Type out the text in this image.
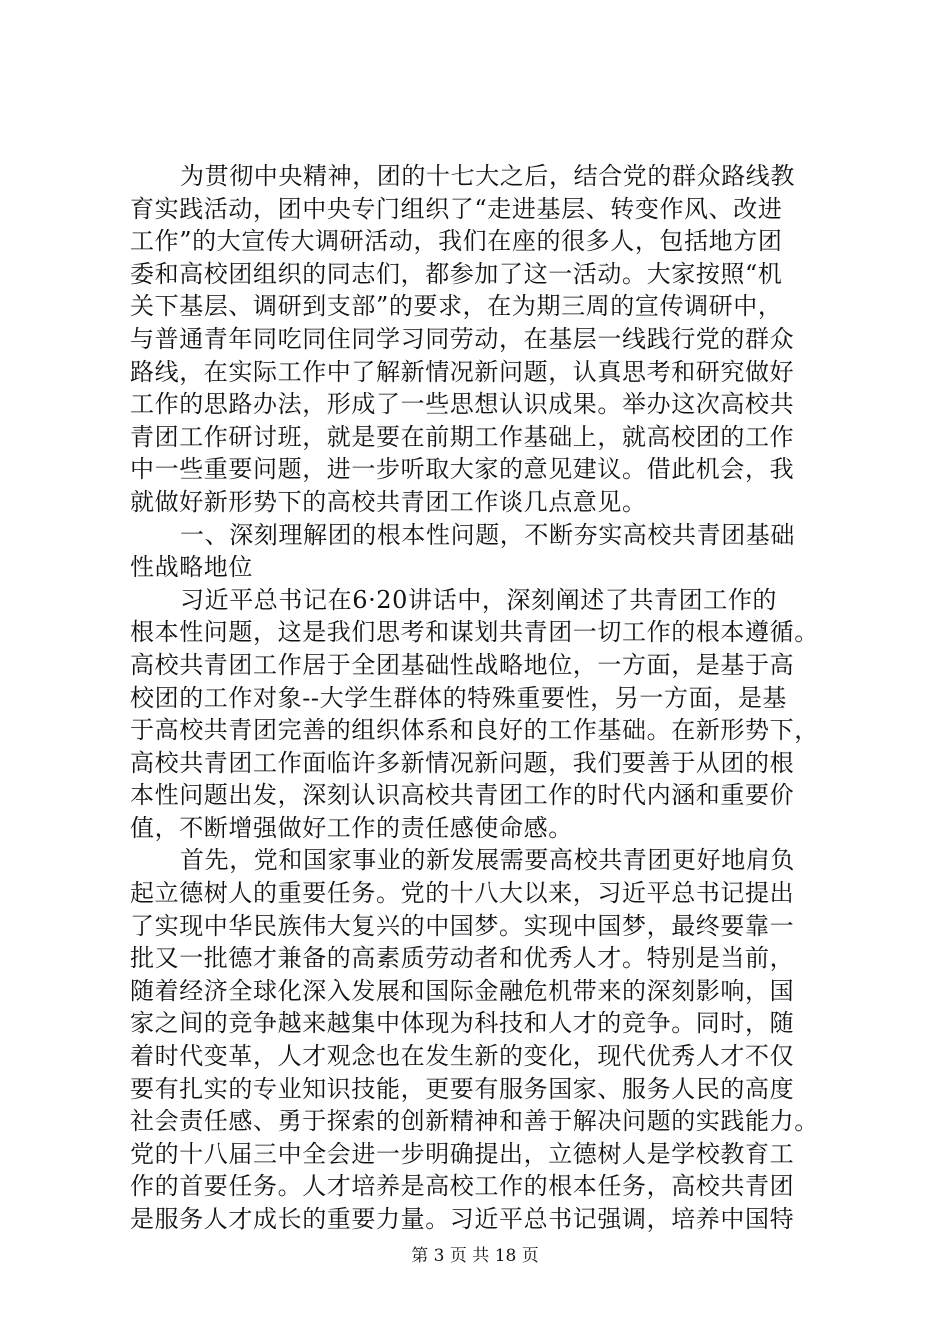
为贯彻中央精神，团的十七大之后，结合党的群众路线教
育实践活动，团中央专门组织了“走进基层、转变作风、改进
工作”的大宣传大调研活动，我们在座的很多人，包括地方团
委和高校团组织的同志们，都参加了这一活动。大家按照“机
关下基层、调研到支部”的要求，在为期三周的宣传调研中，
与普通青年同吃同住同学习同劳动，在基层一线践行党的群众
路线，在实际工作中了解新情况新问题，认真思考和研究做好
工作的思路办法，形成了一些思想认识成果。举办这次高校共
青团工作研讨班，就是要在前期工作基础上，就高校团的工作
中一些重要问题，进一步听取大家的意见建议。借此机会，我
就做好新形势下的高校共青团工作谈几点意见。
一、深刻理解团的根本性问题，不断夯实高校共青团基础
性战略地位
习近平总书记在6·20讲话中，深刻阐述了共青团工作的
根本性问题，这是我们思考和谋划共青团一切工作的根本遵循。
高校共青团工作居于全团基础性战略地位，一方面，是基于高
校团的工作对象--大学生群体的特殊重要性，另一方面，是基
于高校共青团完善的组织体系和良好的工作基础。在新形势下，
高校共青团工作面临许多新情况新问题，我们要善于从团的根
本性问题出发，深刻认识高校共青团工作的时代内涵和重要价
值，不断增强做好工作的责任感使命感。
首先，党和国家事业的新发展需要高校共青团更好地肩负
起立德树人的重要任务。党的十八大以来，习近平总书记提出
了实现中华民族伟大复兴的中国梦。实现中国梦，最终要靠一
批又一批德才兼备的高素质劳动者和优秀人才。特别是当前，
随着经济全球化深入发展和国际金融危机带来的深刻影响，国
家之间的竞争越来越集中体现为科技和人才的竞争。同时，随
着时代变革，人才观念也在发生新的变化，现代优秀人才不仅
要有扎实的专业知识技能，更要有服务国家、服务人民的高度
社会责任感、勇于探索的创新精神和善于解决问题的实践能力。
党的十八届三中全会进一步明确提出，立德树人是学校教育工
作的首要任务。人才培养是高校工作的根本任务，高校共青团
是服务人才成长的重要力量。习近平总书记强调，培养中国特
第 3 页 共 18 页
